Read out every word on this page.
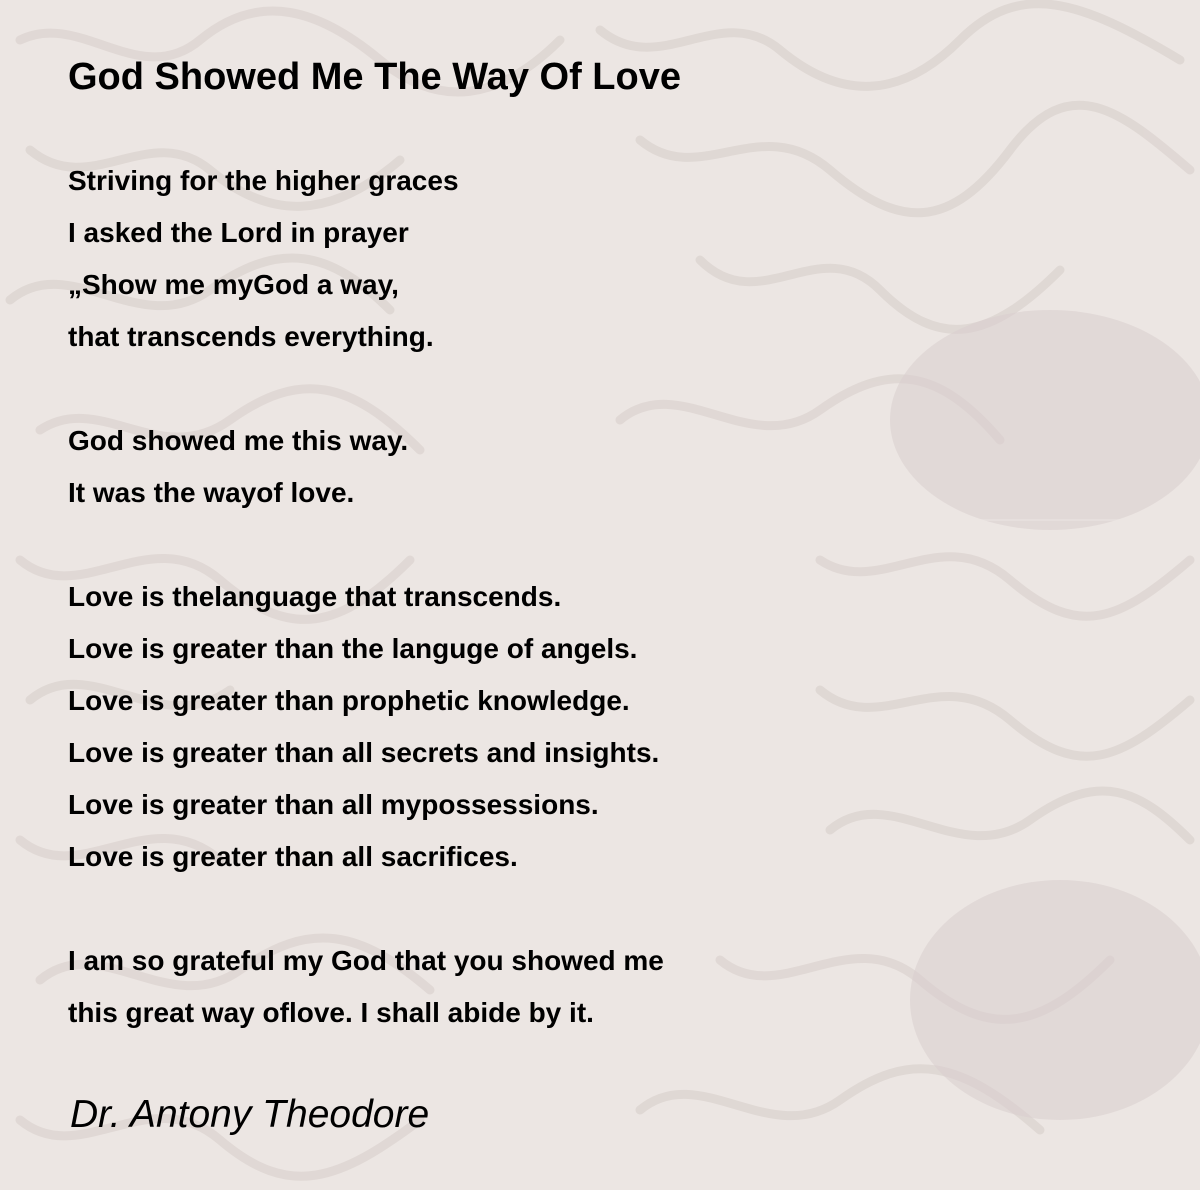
God Showed Me The Way Of Love
Striving for the higher graces
I asked the Lord in prayer
„Show me myGod a way,
that transcends everything.
God showed me this way.
It was the wayof love.
Love is thelanguage that transcends.
Love is greater than the languge of angels.
Love is greater than prophetic knowledge.
Love is greater than all secrets and insights.
Love is greater than all mypossessions.
Love is greater than all sacrifices.
I am so grateful my God that you showed me
this great way oflove. I shall abide by it.
Dr. Antony Theodore
